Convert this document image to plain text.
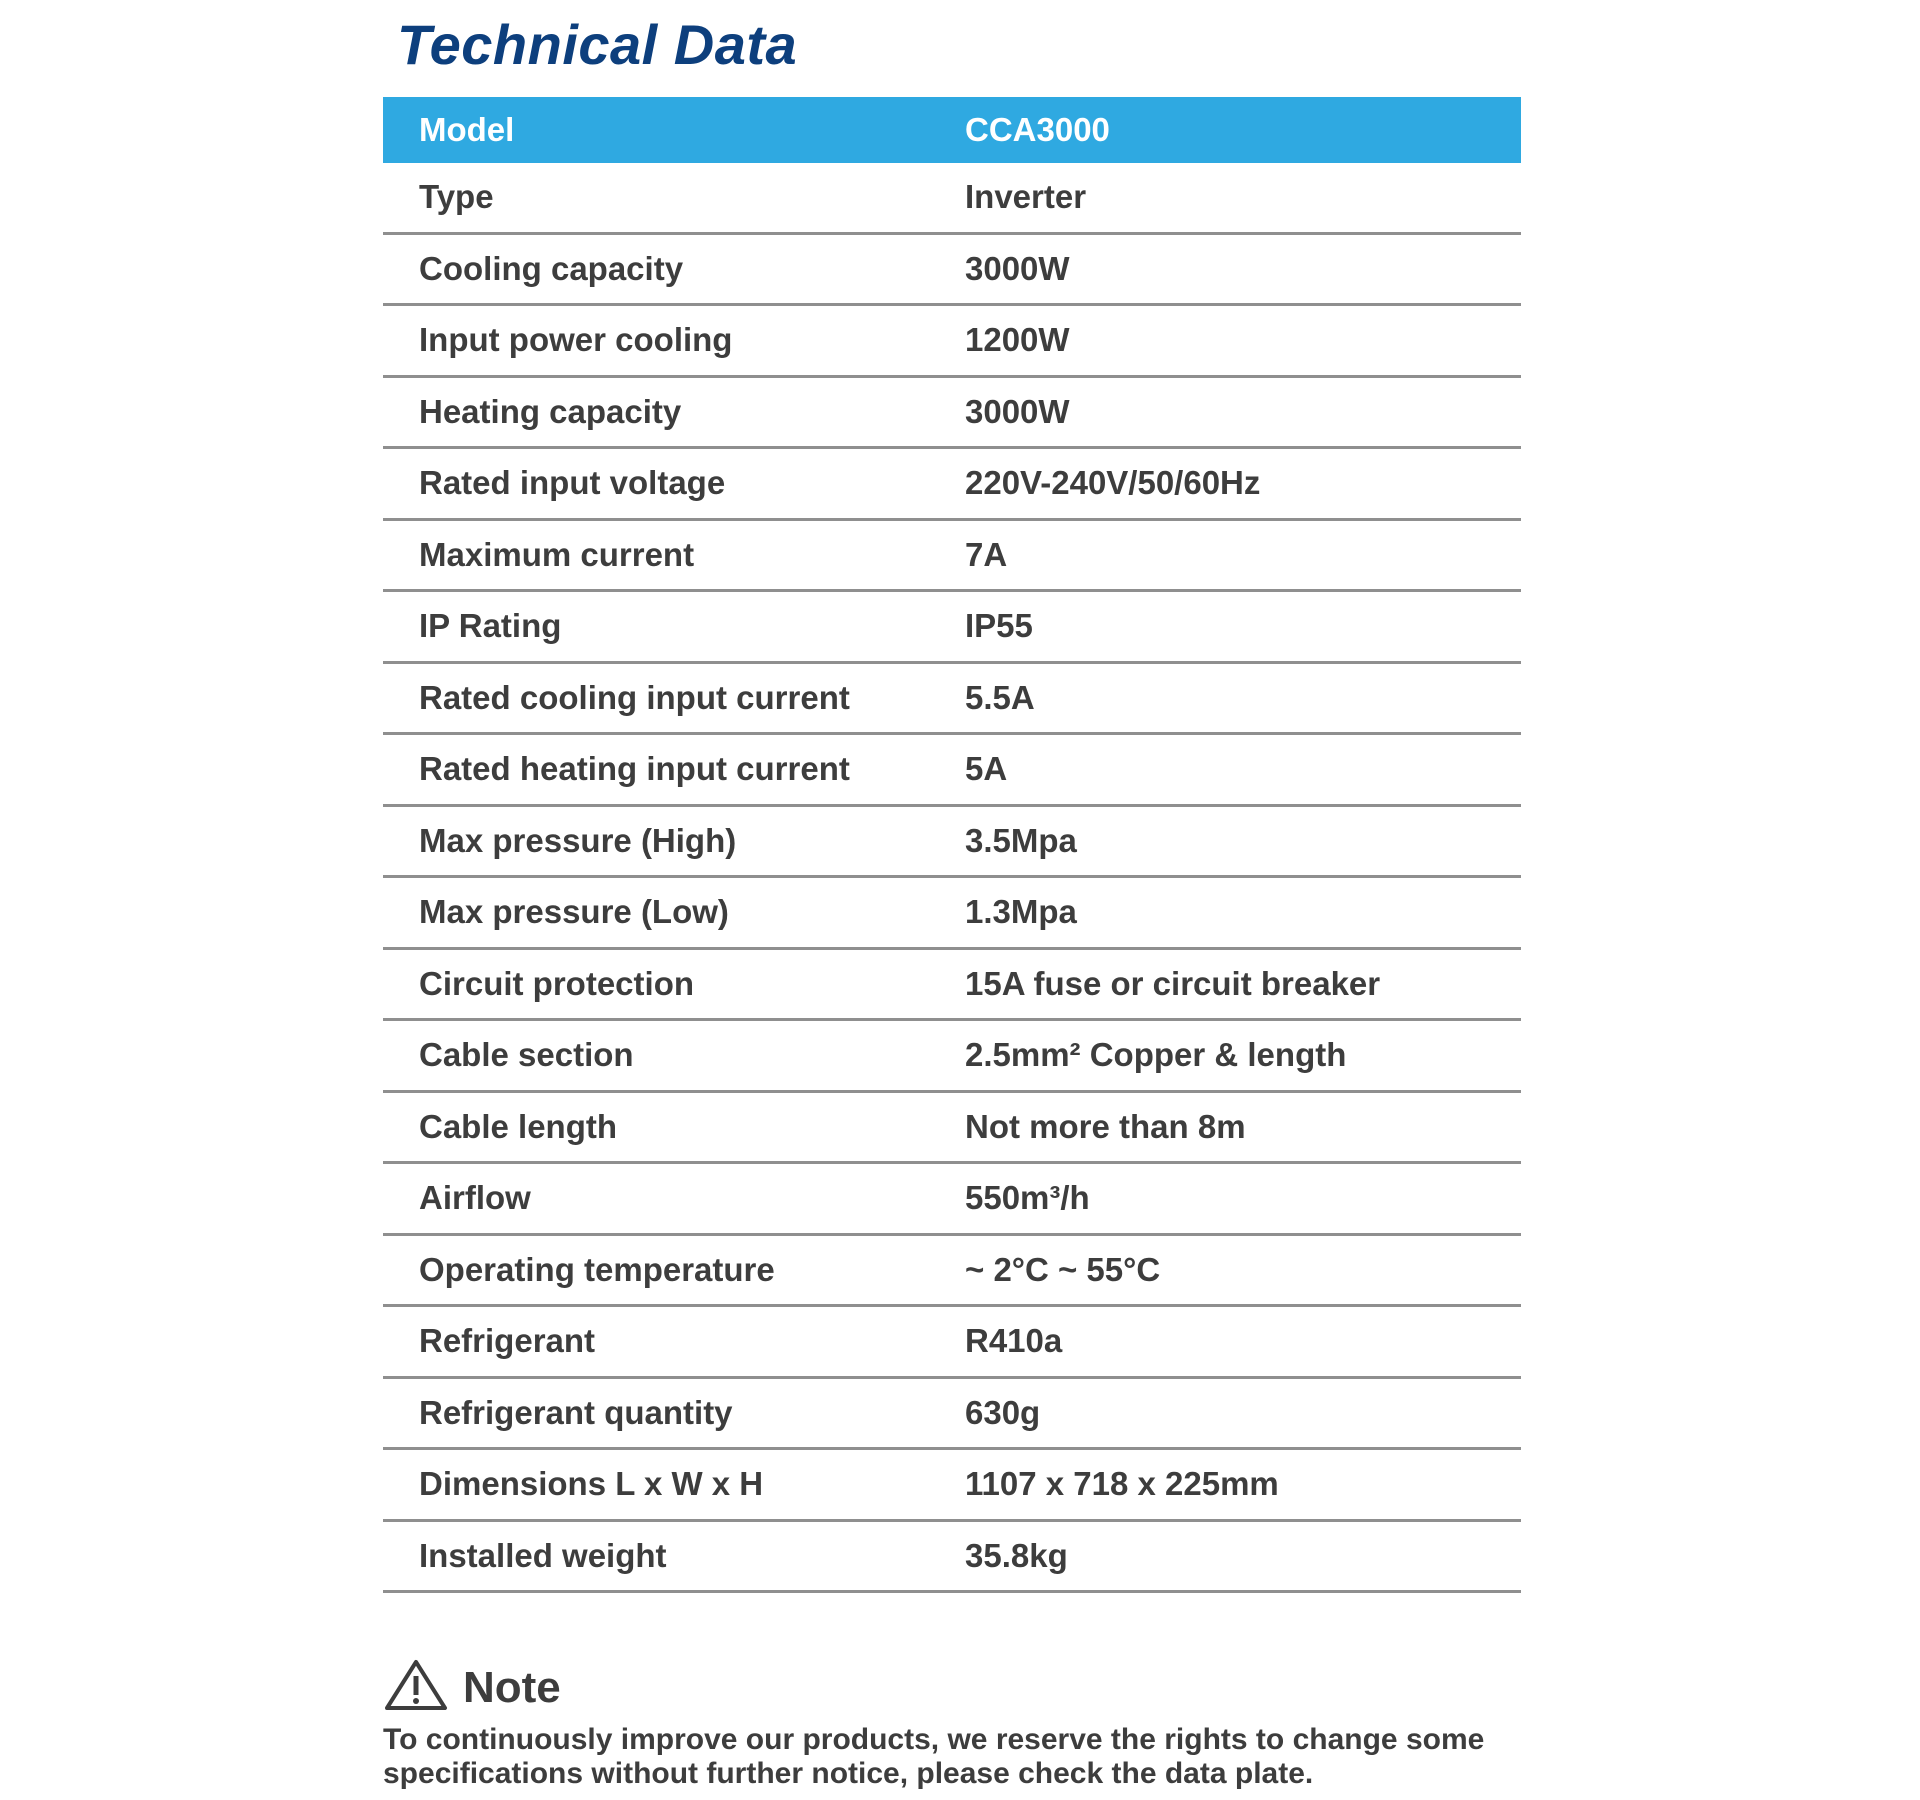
Technical Data
Model	CCA3000
Type	Inverter
Cooling capacity	3000W
Input power cooling	1200W
Heating capacity	3000W
Rated input voltage	220V-240V/50/60Hz
Maximum current	7A
IP Rating	IP55
Rated cooling input current	5.5A
Rated heating input current	5A
Max pressure (High)	3.5Mpa
Max pressure (Low)	1.3Mpa
Circuit protection	15A fuse or circuit breaker
Cable section	2.5mm² Copper & length
Cable length	Not more than 8m
Airflow	550m³/h
Operating temperature	~ 2°C ~ 55°C
Refrigerant	R410a
Refrigerant quantity	630g
Dimensions L x W x H	1107 x 718 x 225mm
Installed weight	35.8kg
Note
To continuously improve our products, we reserve the rights to change some specifications without further notice, please check the data plate.
